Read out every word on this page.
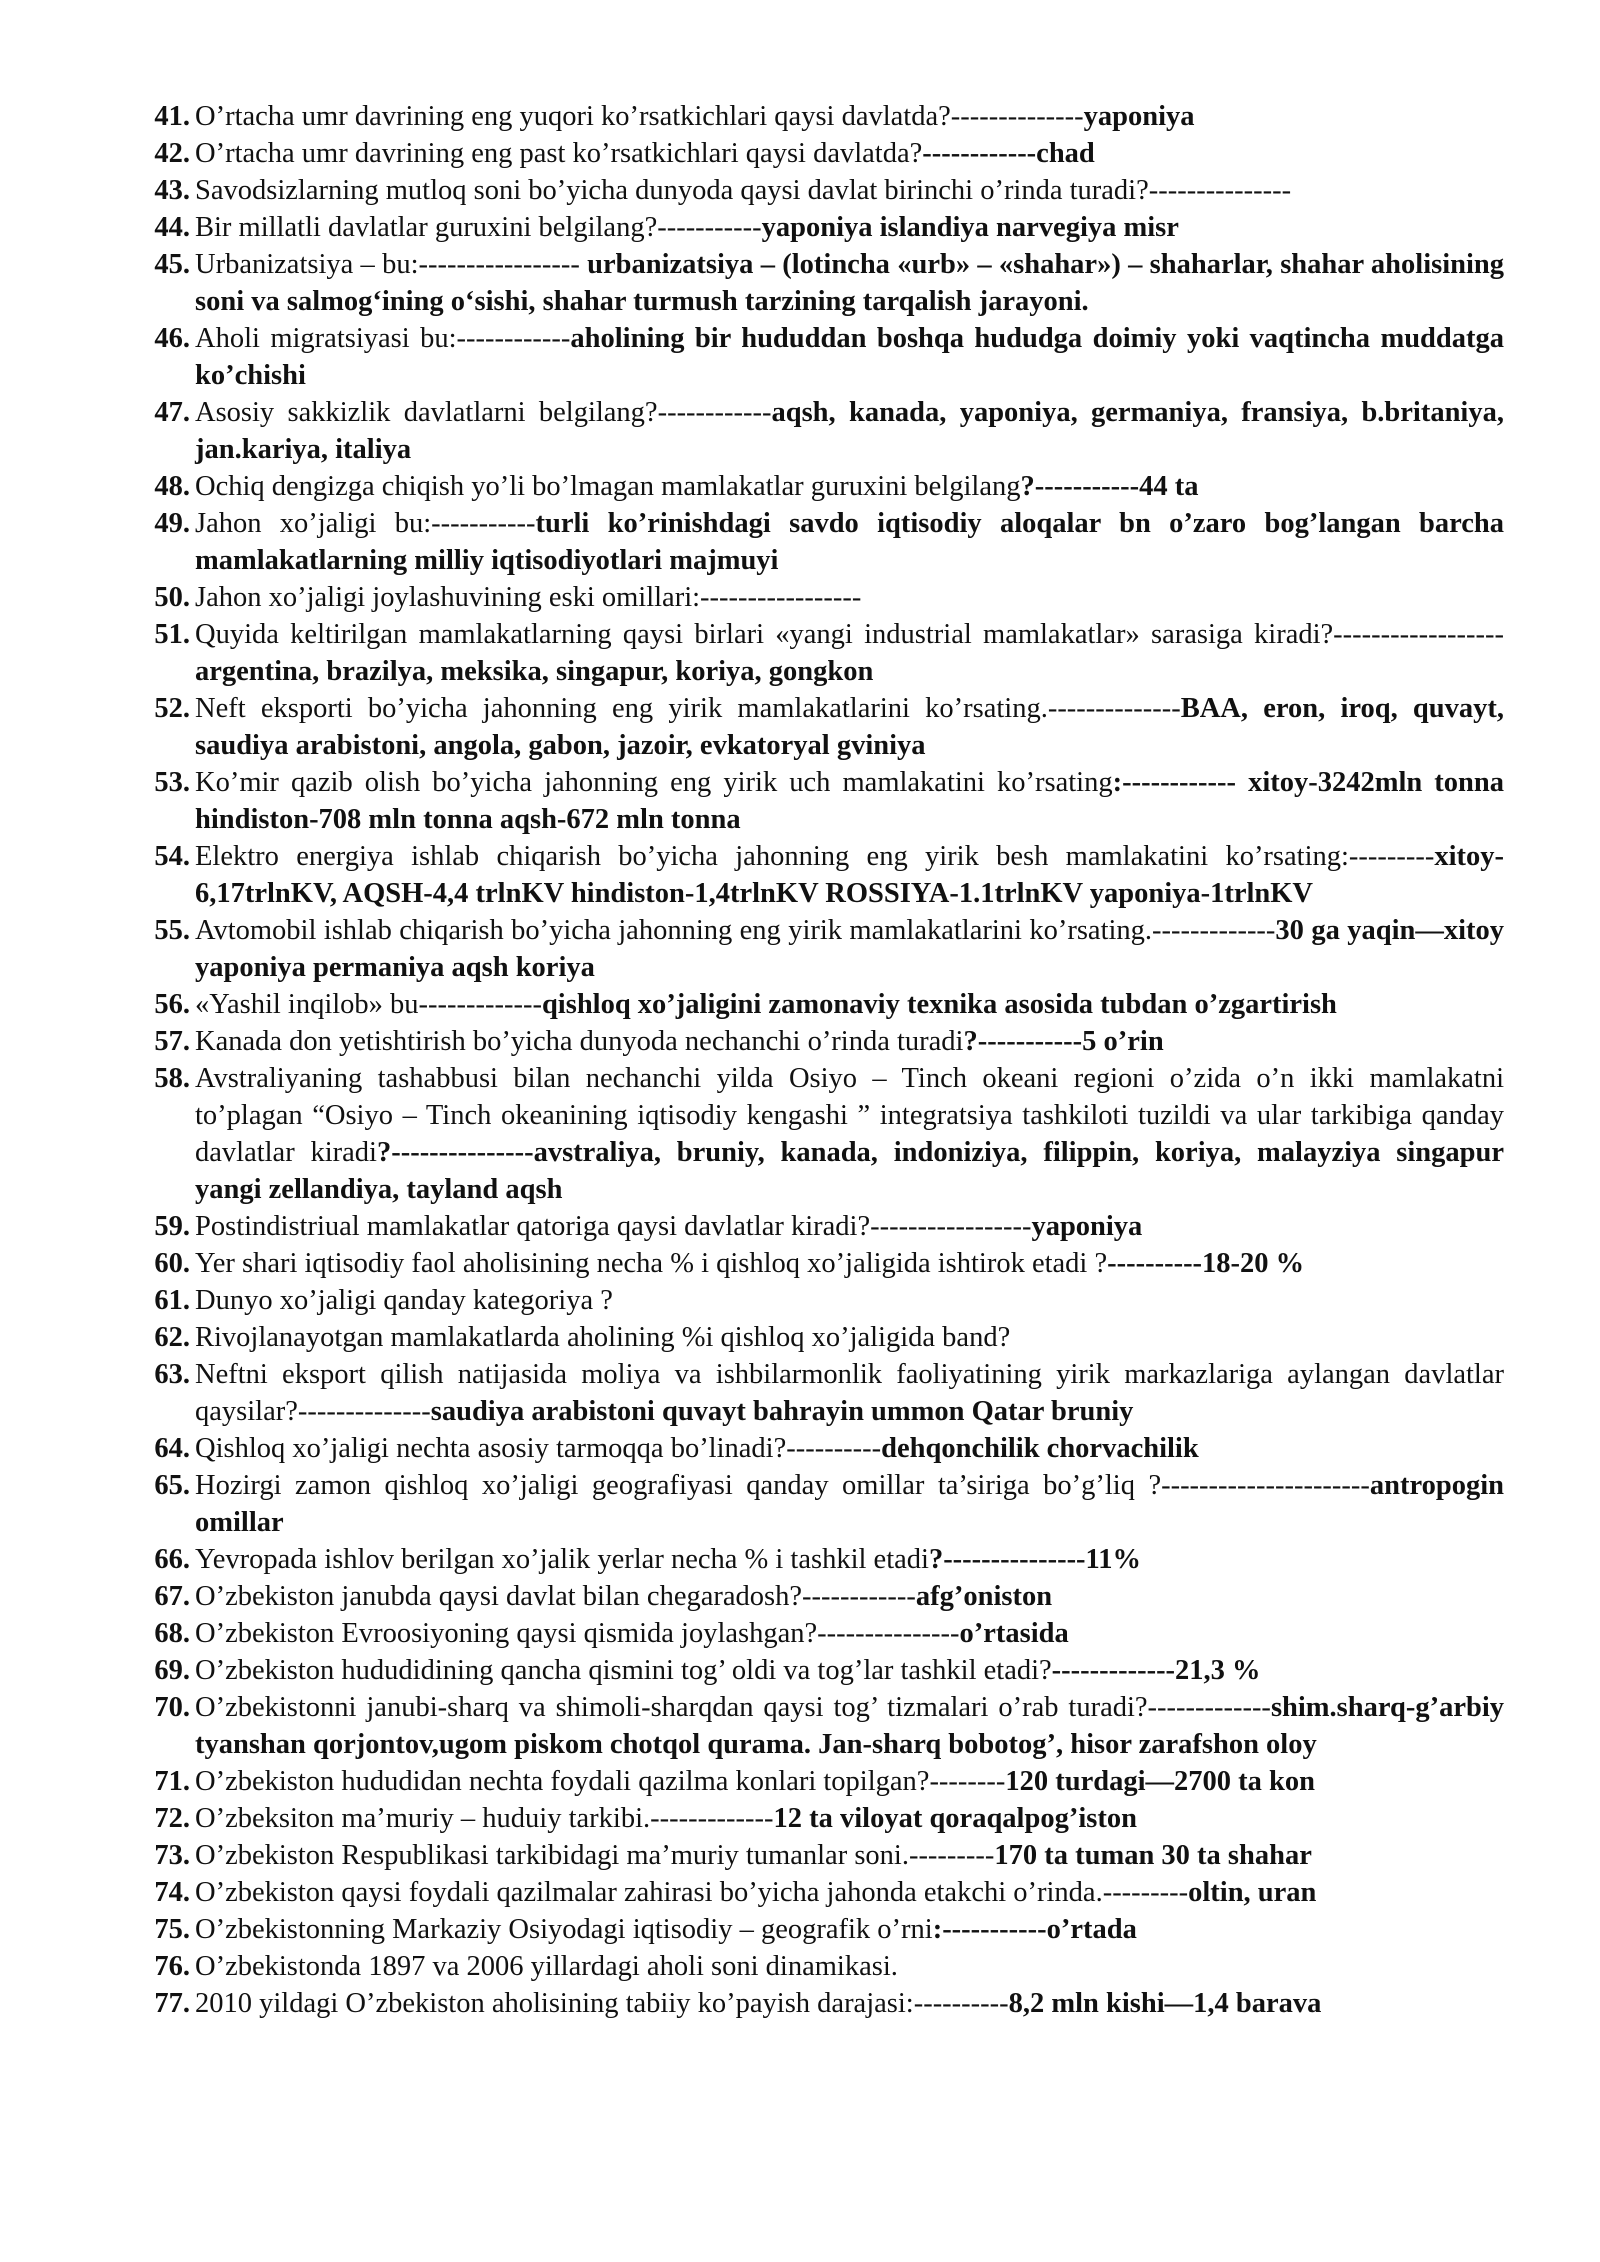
41. O’rtacha umr davrining eng yuqori ko’rsatkichlari qaysi davlatda?--------------yaponiya
42. O’rtacha umr davrining eng past ko’rsatkichlari qaysi davlatda?------------chad
43. Savodsizlarning mutloq soni bo’yicha dunyoda qaysi davlat birinchi o’rinda turadi?---------------
44. Bir millatli davlatlar guruxini belgilang?-----------yaponiya islandiya narvegiya misr
45. Urbanizatsiya – bu:----------------- urbanizatsiya – (lotincha «urb» – «shahar») – shaharlar, shahar aholisining soni va salmog‘ining o‘sishi, shahar turmush tarzining tarqalish jarayoni.
46. Aholi migratsiyasi bu:------------aholining bir hududdan boshqa hududga doimiy yoki vaqtincha muddatga ko’chishi
47. Asosiy sakkizlik davlatlarni belgilang?------------aqsh, kanada, yaponiya, germaniya, fransiya, b.britaniya, jan.kariya, italiya
48. Ochiq dengizga chiqish yo’li bo’lmagan mamlakatlar guruxini belgilang?-----------44 ta
49. Jahon xo’jaligi bu:-----------turli ko’rinishdagi savdo iqtisodiy aloqalar bn o’zaro bog’langan barcha mamlakatlarning milliy iqtisodiyotlari majmuyi
50. Jahon xo’jaligi joylashuvining eski omillari:-----------------
51. Quyida keltirilgan mamlakatlarning qaysi birlari «yangi industrial mamlakatlar» sarasiga kiradi?------------------argentina, brazilya, meksika, singapur, koriya, gongkon
52. Neft eksporti bo’yicha jahonning eng yirik mamlakatlarini ko’rsating.--------------BAA, eron, iroq, quvayt, saudiya arabistoni, angola, gabon, jazoir, evkatoryal gviniya
53. Ko’mir qazib olish bo’yicha jahonning eng yirik uch mamlakatini ko’rsating:------------ xitoy-3242mln tonna hindiston-708 mln tonna aqsh-672 mln tonna
54. Elektro energiya ishlab chiqarish bo’yicha jahonning eng yirik besh mamlakatini ko’rsating:---------xitoy-6,17trlnKV, AQSH-4,4 trlnKV hindiston-1,4trlnKV ROSSIYA-1.1trlnKV yaponiya-1trlnKV
55. Avtomobil ishlab chiqarish bo’yicha jahonning eng yirik mamlakatlarini ko’rsating.-------------30 ga yaqin—xitoy yaponiya permaniya aqsh koriya
56. «Yashil inqilob» bu-------------qishloq xo’jaligini zamonaviy texnika asosida tubdan o’zgartirish
57. Kanada don yetishtirish bo’yicha dunyoda nechanchi o’rinda turadi?-----------5 o’rin
58. Avstraliyaning tashabbusi bilan nechanchi yilda Osiyo – Tinch okeani regioni o’zida o’n ikki mamlakatni to’plagan “Osiyo – Tinch okeanining iqtisodiy kengashi ” integratsiya tashkiloti tuzildi va ular tarkibiga qanday davlatlar kiradi?---------------avstraliya, bruniy, kanada, indoniziya, filippin, koriya, malayziya singapur yangi zellandiya, tayland aqsh
59. Postindistriual mamlakatlar qatoriga qaysi davlatlar kiradi?-----------------yaponiya
60. Yer shari iqtisodiy faol aholisining necha % i qishloq xo’jaligida ishtirok etadi ?----------18-20 %
61. Dunyo xo’jaligi qanday kategoriya ?
62. Rivojlanayotgan mamlakatlarda aholining %i qishloq xo’jaligida band?
63. Neftni eksport qilish natijasida moliya va ishbilarmonlik faoliyatining yirik markazlariga aylangan davlatlar qaysilar?--------------saudiya arabistoni quvayt bahrayin ummon Qatar bruniy
64. Qishloq xo’jaligi nechta asosiy tarmoqqa bo’linadi?----------dehqonchilik chorvachilik
65. Hozirgi zamon qishloq xo’jaligi geografiyasi qanday omillar ta’siriga bo’g’liq ?----------------------antropogin omillar
66. Yevropada ishlov berilgan xo’jalik yerlar necha % i tashkil etadi?---------------11%
67. O’zbekiston janubda qaysi davlat bilan chegaradosh?------------afg’oniston
68. O’zbekiston Evroosiyoning qaysi qismida joylashgan?---------------o’rtasida
69. O’zbekiston hududidining qancha qismini tog’ oldi va tog’lar tashkil etadi?-------------21,3 %
70. O’zbekistonni janubi-sharq va shimoli-sharqdan qaysi tog’ tizmalari o’rab turadi?-------------shim.sharq-g’arbiy tyanshan qorjontov,ugom piskom chotqol qurama. Jan-sharq bobotog’, hisor zarafshon oloy
71. O’zbekiston hududidan nechta foydali qazilma konlari topilgan?--------120 turdagi—2700 ta kon
72. O’zbeksiton ma’muriy – huduiy tarkibi.-------------12 ta viloyat qoraqalpog’iston
73. O’zbekiston Respublikasi tarkibidagi ma’muriy tumanlar soni.---------170 ta tuman 30 ta shahar
74. O’zbekiston qaysi foydali qazilmalar zahirasi bo’yicha jahonda etakchi o’rinda.---------oltin, uran
75. O’zbekistonning Markaziy Osiyodagi iqtisodiy – geografik o’rni:-----------o’rtada
76. O’zbekistonda 1897 va 2006 yillardagi aholi soni dinamikasi.
77. 2010 yildagi O’zbekiston aholisining tabiiy ko’payish darajasi:----------8,2 mln kishi—1,4 barava
